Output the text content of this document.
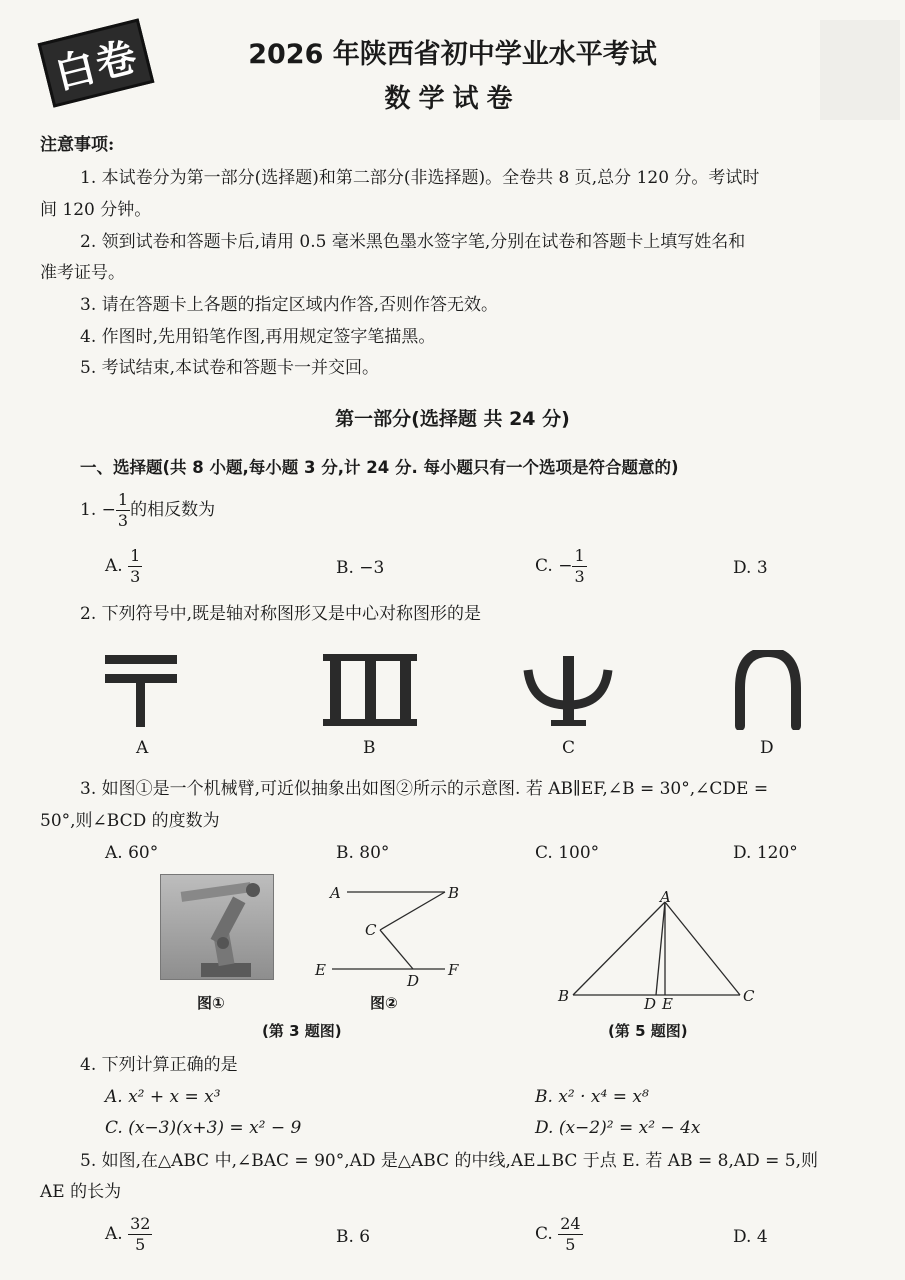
白卷	2026 年陕西省初中学业水平考试
数学试卷
注意事项:
1. 本试卷分为第一部分(选择题)和第二部分(非选择题)。全卷共 8 页,总分 120 分。考试时
间 120 分钟。
2. 领到试卷和答题卡后,请用 0.5 毫米黑色墨水签字笔,分别在试卷和答题卡上填写姓名和
准考证号。
3. 请在答题卡上各题的指定区域内作答,否则作答无效。
4. 作图时,先用铅笔作图,再用规定签字笔描黑。
5. 考试结束,本试卷和答题卡一并交回。
第一部分(选择题 共 24 分)
一、选择题(共 8 小题,每小题 3 分,计 24 分. 每小题只有一个选项是符合题意的)
1. − $\frac{1}{3}$ 的相反数为
A. $\frac{1}{3}$	B. −3	C. − $\frac{1}{3}$	D. 3
2. 下列符号中,既是轴对称图形又是中心对称图形的是
A	B	C	D
3. 如图①是一个机械臂,可近似抽象出如图②所示的示意图. 若 AB∥EF,∠B = 30°,∠CDE =
50°,则∠BCD 的度数为
A. 60°	B. 80°	C. 100°	D. 120°
图①
A	B
C
E
D
F
图②
(第 3 题图)
A
B	D E	C
(第 5 题图)
4. 下列计算正确的是
A. x² + x = x³	B. x² · x⁴ = x⁸
C. (x−3)(x+3) = x² − 9	D. (x−2)² = x² − 4x
5. 如图,在△ABC 中,∠BAC = 90°,AD 是△ABC 的中线,AE⊥BC 于点 E. 若 AB = 8,AD = 5,则
AE 的长为
A. $\frac{32}{5}$	B. 6	C. $\frac{24}{5}$	D. 4
